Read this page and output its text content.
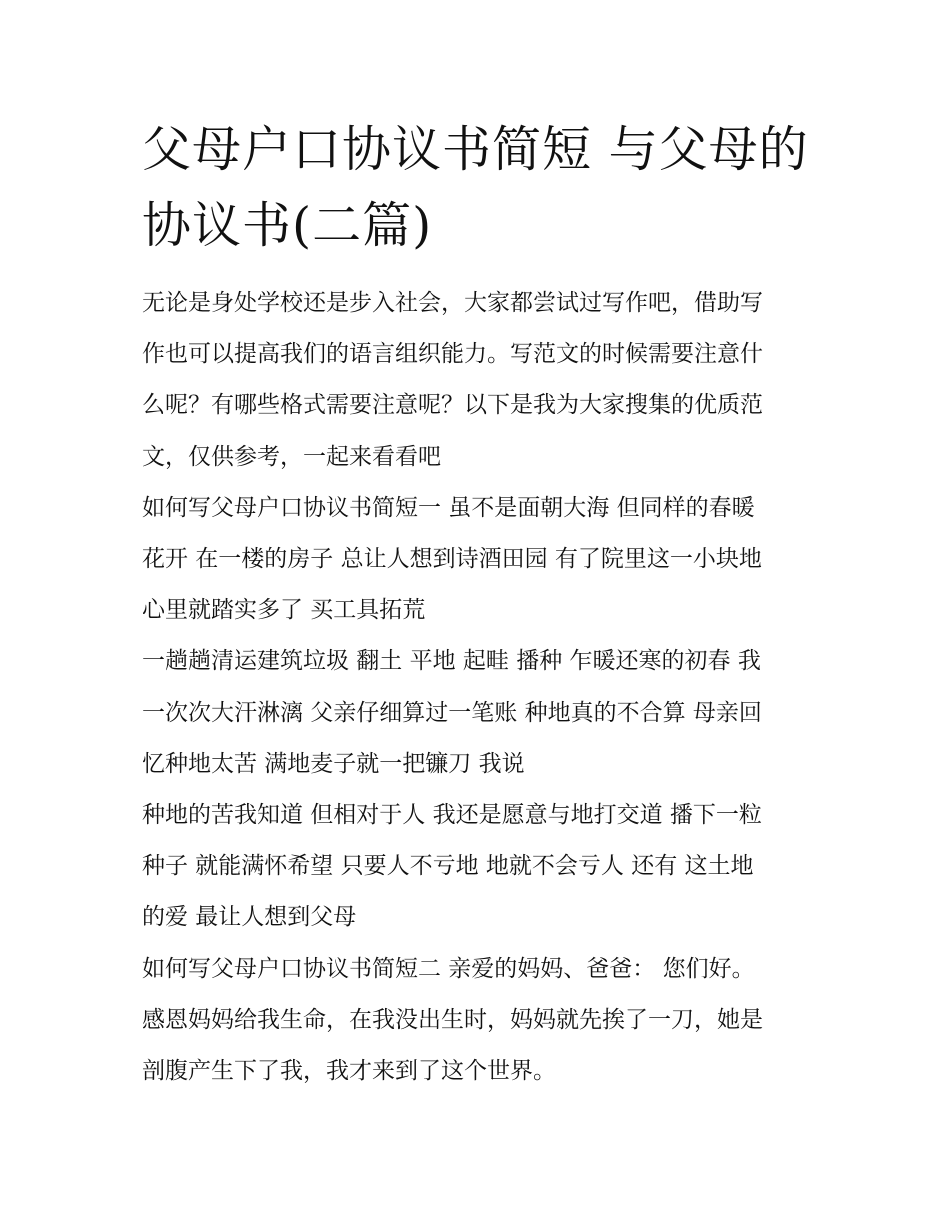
父母户口协议书简短 与父母的
协议书(二篇)
无论是身处学校还是步入社会，大家都尝试过写作吧，借助写
作也可以提高我们的语言组织能力。写范文的时候需要注意什
么呢？有哪些格式需要注意呢？以下是我为大家搜集的优质范
文，仅供参考，一起来看看吧
如何写父母户口协议书简短一 虽不是面朝大海 但同样的春暖
花开 在一楼的房子 总让人想到诗酒田园 有了院里这一小块地
心里就踏实多了 买工具拓荒
一趟趟清运建筑垃圾 翻土 平地 起畦 播种 乍暖还寒的初春 我
一次次大汗淋漓 父亲仔细算过一笔账 种地真的不合算 母亲回
忆种地太苦 满地麦子就一把镰刀 我说
种地的苦我知道 但相对于人 我还是愿意与地打交道 播下一粒
种子 就能满怀希望 只要人不亏地 地就不会亏人 还有 这土地
的爱 最让人想到父母
如何写父母户口协议书简短二 亲爱的妈妈、爸爸： 您们好。
感恩妈妈给我生命，在我没出生时，妈妈就先挨了一刀，她是
剖腹产生下了我，我才来到了这个世界。
